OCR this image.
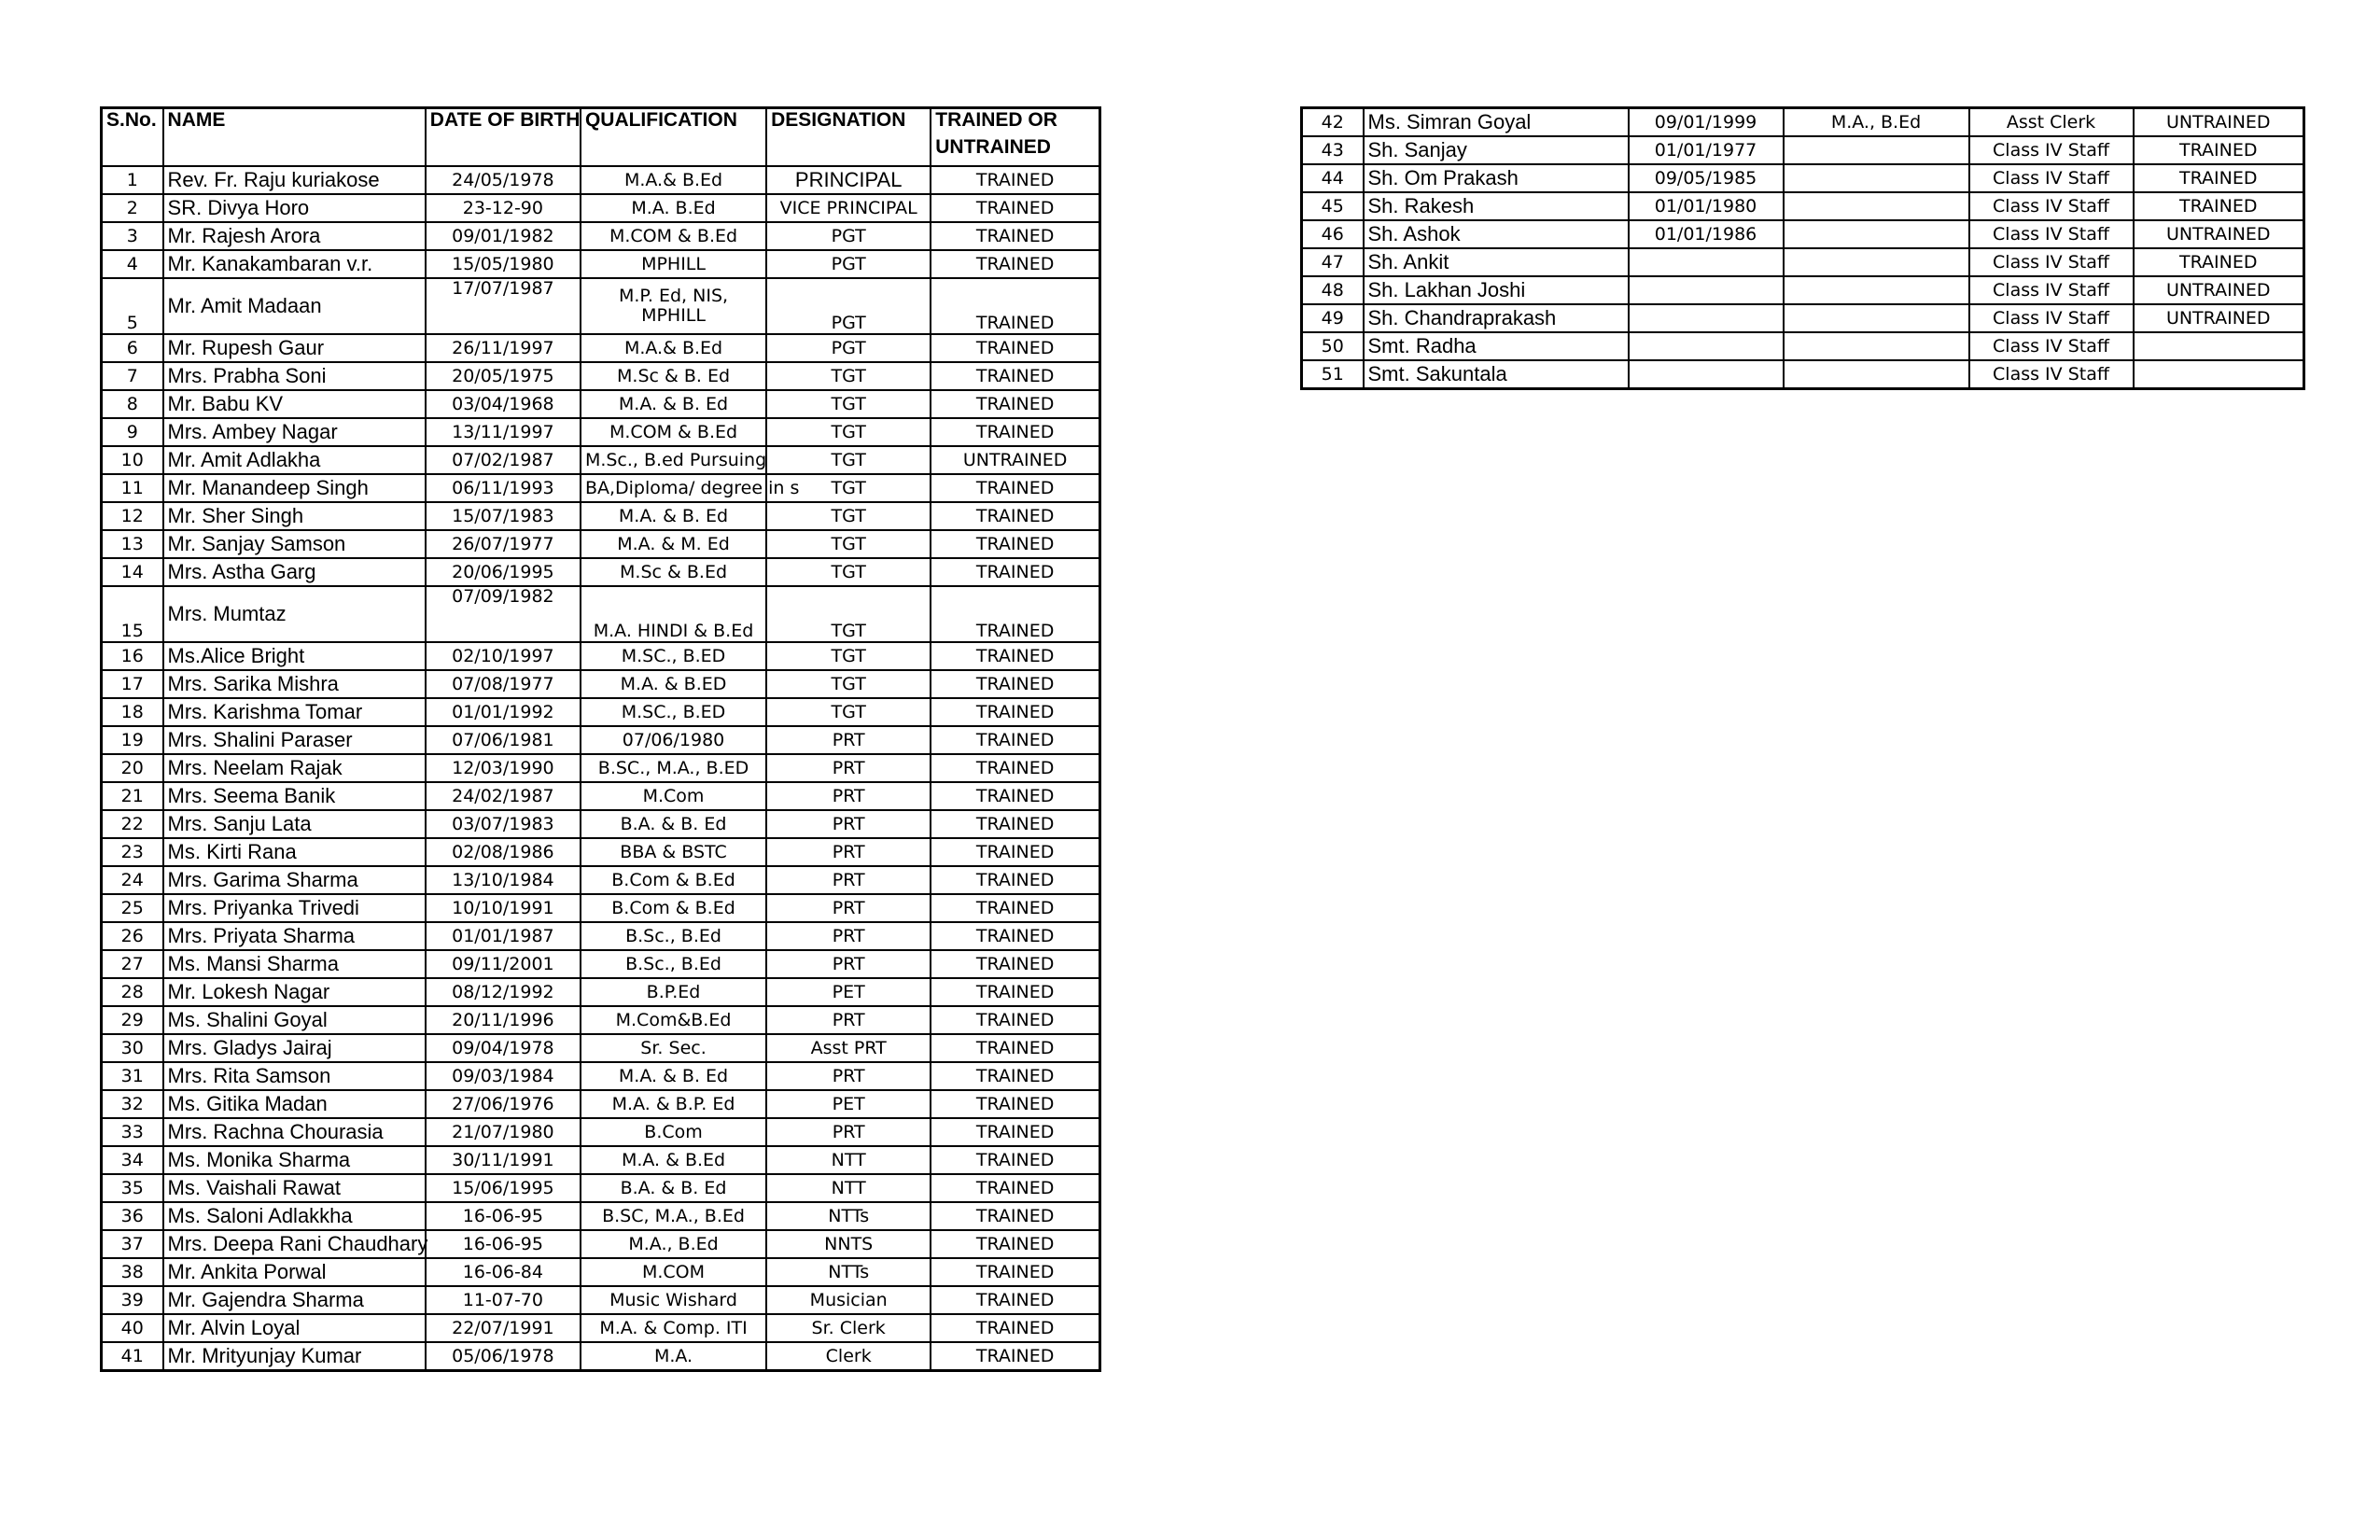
S.No.	NAME	DATE OF BIRTH	QUALIFICATION	DESIGNATION	TRAINED OR
UNTRAINED

1	Rev. Fr. Raju kuriakose	24/05/1978	M.A.& B.Ed	PRINCIPAL	TRAINED
2	SR. Divya Horo	23-12-90	M.A. B.Ed	VICE PRINCIPAL	TRAINED
3	Mr. Rajesh Arora	09/01/1982	M.COM & B.Ed	PGT	TRAINED
4	Mr. Kanakambaran v.r.	15/05/1980	MPHILL	PGT	TRAINED
5	Mr. Amit Madaan	17/07/1987	M.P. Ed, NIS, MPHILL	PGT	TRAINED
6	Mr. Rupesh Gaur	26/11/1997	M.A.& B.Ed	PGT	TRAINED
7	Mrs. Prabha Soni	20/05/1975	M.Sc & B. Ed	TGT	TRAINED
8	Mr. Babu KV	03/04/1968	M.A. & B. Ed	TGT	TRAINED
9	Mrs. Ambey Nagar	13/11/1997	M.COM & B.Ed	TGT	TRAINED
10	Mr. Amit Adlakha	07/02/1987	M.Sc., B.ed Pursuing	TGT	UNTRAINED
11	Mr. Manandeep Singh	06/11/1993	BA,Diploma/ degree in s	TGT	TRAINED
12	Mr. Sher Singh	15/07/1983	M.A. & B. Ed	TGT	TRAINED
13	Mr. Sanjay Samson	26/07/1977	M.A. & M. Ed	TGT	TRAINED
14	Mrs. Astha Garg	20/06/1995	M.Sc & B.Ed	TGT	TRAINED
15	Mrs. Mumtaz	07/09/1982	M.A. HINDI & B.Ed	TGT	TRAINED
16	Ms.Alice Bright	02/10/1997	M.SC., B.ED	TGT	TRAINED
17	Mrs. Sarika Mishra	07/08/1977	M.A. & B.ED	TGT	TRAINED
18	Mrs. Karishma Tomar	01/01/1992	M.SC., B.ED	TGT	TRAINED
19	Mrs. Shalini Paraser	07/06/1981	07/06/1980	PRT	TRAINED
20	Mrs. Neelam Rajak	12/03/1990	B.SC., M.A., B.ED	PRT	TRAINED
21	Mrs. Seema Banik	24/02/1987	M.Com	PRT	TRAINED
22	Mrs. Sanju Lata	03/07/1983	B.A. & B. Ed	PRT	TRAINED
23	Ms. Kirti Rana	02/08/1986	BBA & BSTC	PRT	TRAINED
24	Mrs. Garima Sharma	13/10/1984	B.Com & B.Ed	PRT	TRAINED
25	Mrs. Priyanka Trivedi	10/10/1991	B.Com & B.Ed	PRT	TRAINED
26	Mrs. Priyata Sharma	01/01/1987	B.Sc., B.Ed	PRT	TRAINED
27	Ms. Mansi Sharma	09/11/2001	B.Sc., B.Ed	PRT	TRAINED
28	Mr. Lokesh Nagar	08/12/1992	B.P.Ed	PET	TRAINED
29	Ms. Shalini Goyal	20/11/1996	M.Com&B.Ed	PRT	TRAINED
30	Mrs. Gladys Jairaj	09/04/1978	Sr. Sec.	Asst PRT	TRAINED
31	Mrs. Rita Samson	09/03/1984	M.A. & B. Ed	PRT	TRAINED
32	Ms. Gitika Madan	27/06/1976	M.A. & B.P. Ed	PET	TRAINED
33	Mrs. Rachna Chourasia	21/07/1980	B.Com	PRT	TRAINED
34	Ms. Monika Sharma	30/11/1991	M.A. & B.Ed	NTT	TRAINED
35	Ms. Vaishali Rawat	15/06/1995	B.A. & B. Ed	NTT	TRAINED
36	Ms. Saloni Adlakkha	16-06-95	B.SC, M.A., B.Ed	NTTs	TRAINED
37	Mrs. Deepa Rani Chaudhary	16-06-95	M.A., B.Ed	NNTS	TRAINED
38	Mr. Ankita Porwal	16-06-84	M.COM	NTTs	TRAINED
39	Mr. Gajendra Sharma	11-07-70	Music Wishard	Musician	TRAINED
40	Mr. Alvin Loyal	22/07/1991	M.A. & Comp. ITI	Sr. Clerk	TRAINED
41	Mr. Mrityunjay Kumar	05/06/1978	M.A.	Clerk	TRAINED
42	Ms. Simran Goyal	09/01/1999	M.A., B.Ed	Asst Clerk	UNTRAINED
43	Sh. Sanjay	01/01/1977		Class IV Staff	TRAINED
44	Sh. Om Prakash	09/05/1985		Class IV Staff	TRAINED
45	Sh. Rakesh	01/01/1980		Class IV Staff	TRAINED
46	Sh. Ashok	01/01/1986		Class IV Staff	UNTRAINED
47	Sh. Ankit			Class IV Staff	TRAINED
48	Sh. Lakhan Joshi			Class IV Staff	UNTRAINED
49	Sh. Chandraprakash			Class IV Staff	UNTRAINED
50	Smt. Radha			Class IV Staff	
51	Smt. Sakuntala			Class IV Staff	
